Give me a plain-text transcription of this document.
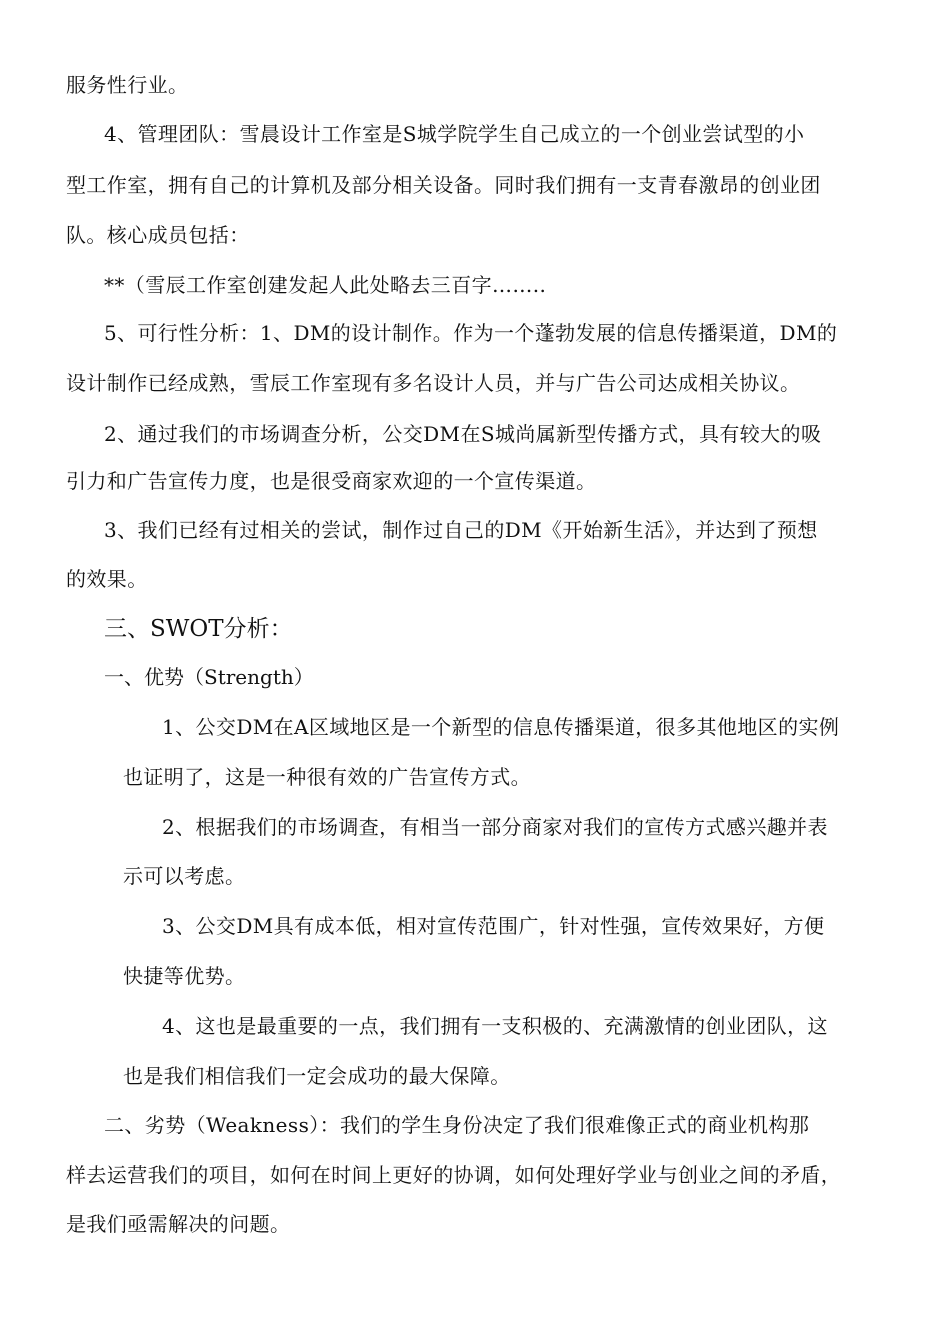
服务性行业。
4、管理团队：雪晨设计工作室是S城学院学生自己成立的一个创业尝试型的小
型工作室，拥有自己的计算机及部分相关设备。同时我们拥有一支青春激昂的创业团
队。核心成员包括：
**（雪辰工作室创建发起人此处略去三百字……..
5、可行性分析：1、DM的设计制作。作为一个蓬勃发展的信息传播渠道，DM的
设计制作已经成熟，雪辰工作室现有多名设计人员，并与广告公司达成相关协议。
2、通过我们的市场调查分析，公交DM在S城尚属新型传播方式，具有较大的吸
引力和广告宣传力度，也是很受商家欢迎的一个宣传渠道。
3、我们已经有过相关的尝试，制作过自己的DM《开始新生活》，并达到了预想
的效果。
三、SWOT分析：
一、优势（Strength）
1、公交DM在A区域地区是一个新型的信息传播渠道，很多其他地区的实例
也证明了，这是一种很有效的广告宣传方式。
2、根据我们的市场调查，有相当一部分商家对我们的宣传方式感兴趣并表
示可以考虑。
3、公交DM具有成本低，相对宣传范围广，针对性强，宣传效果好，方便
快捷等优势。
4、这也是最重要的一点，我们拥有一支积极的、充满激情的创业团队，这
也是我们相信我们一定会成功的最大保障。
二、劣势（Weakness）：我们的学生身份决定了我们很难像正式的商业机构那
样去运营我们的项目，如何在时间上更好的协调，如何处理好学业与创业之间的矛盾，
是我们亟需解决的问题。
